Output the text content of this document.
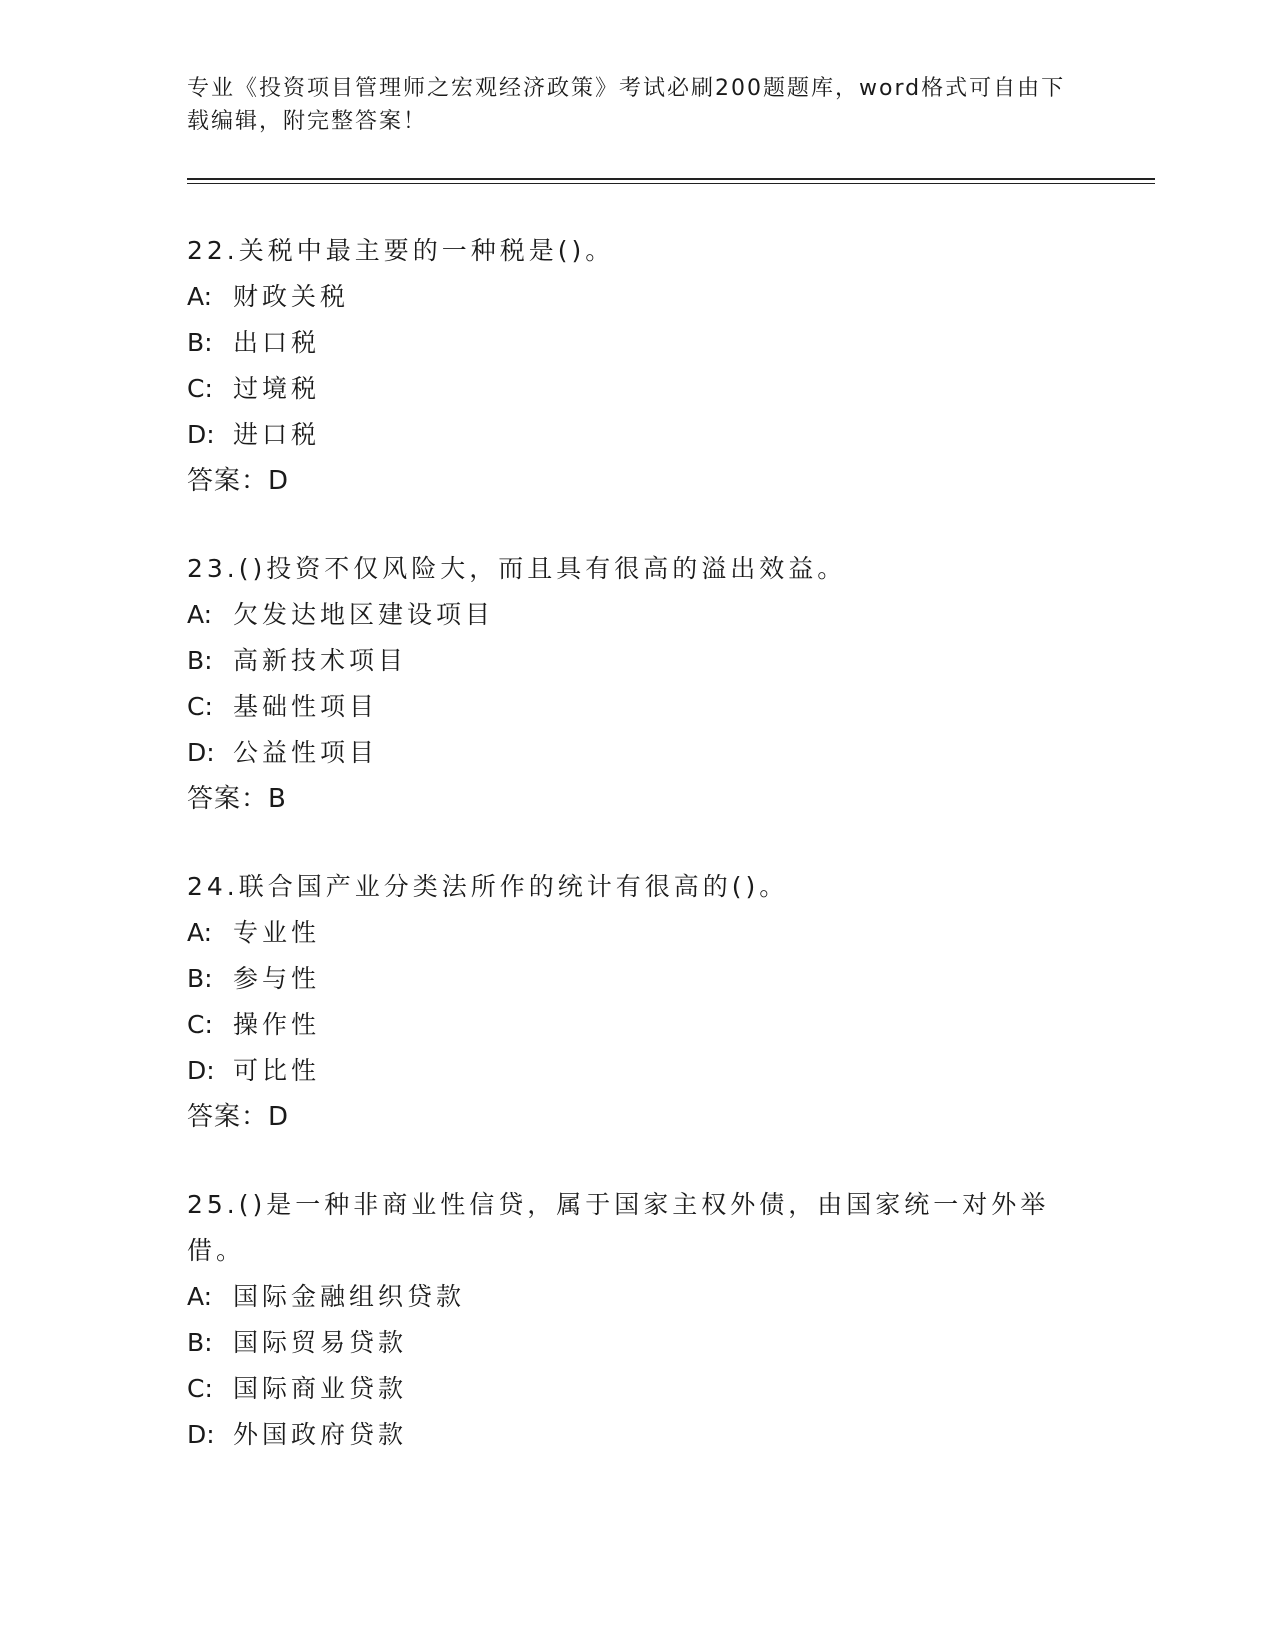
专业《投资项目管理师之宏观经济政策》考试必刷200题题库，word格式可自由下载编辑，附完整答案！

22.关税中最主要的一种税是()。

A: 财政关税

B: 出口税

C: 过境税

D: 进口税

答案：D

23.()投资不仅风险大，而且具有很高的溢出效益。

A: 欠发达地区建设项目

B: 高新技术项目

C: 基础性项目

D: 公益性项目

答案：B

24.联合国产业分类法所作的统计有很高的()。

A: 专业性

B: 参与性

C: 操作性

D: 可比性

答案：D

25.()是一种非商业性信贷，属于国家主权外债，由国家统一对外举借。

A: 国际金融组织贷款

B: 国际贸易贷款

C: 国际商业贷款

D: 外国政府贷款
